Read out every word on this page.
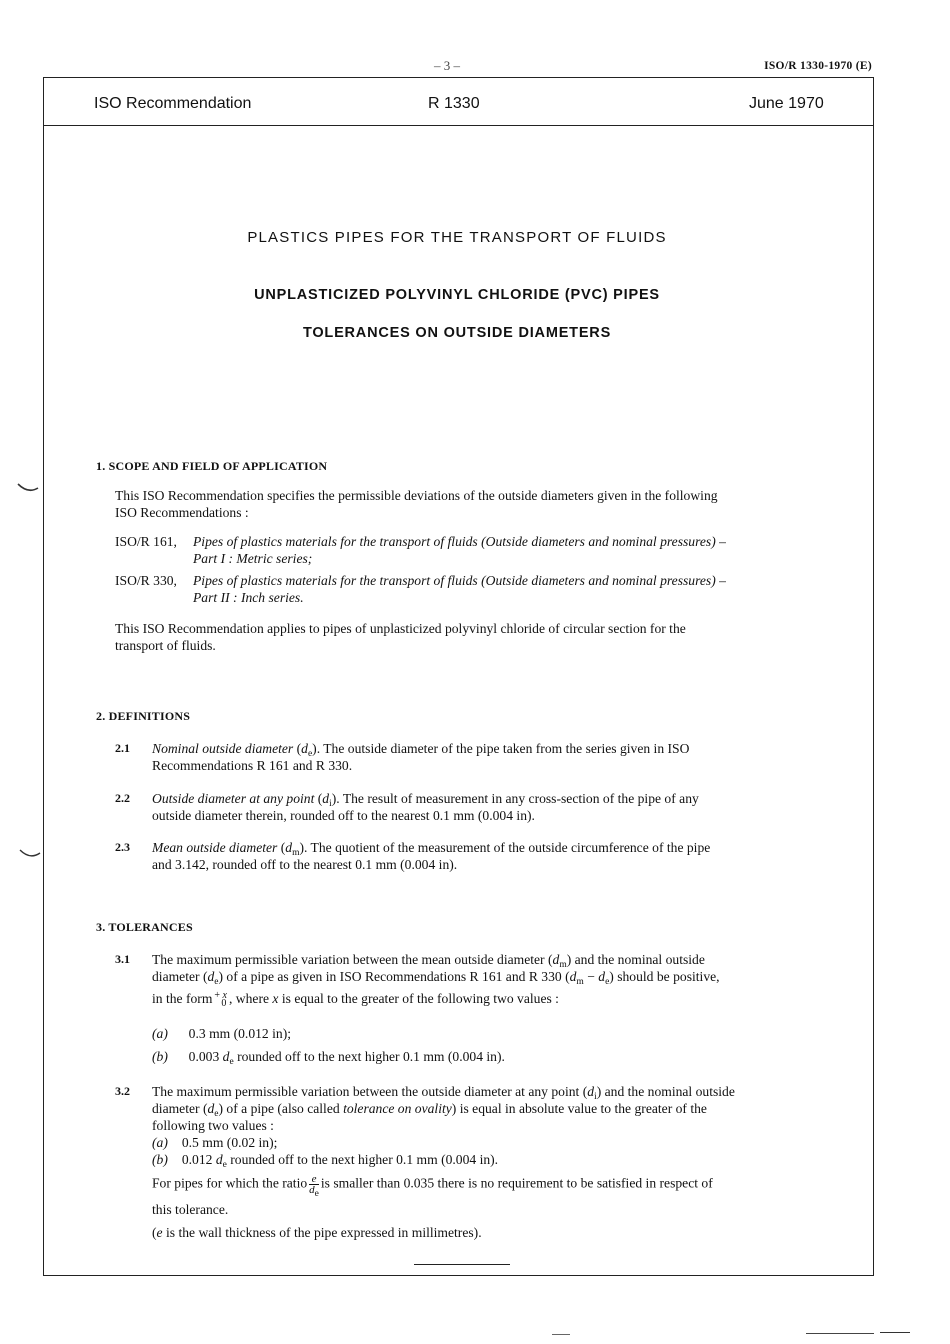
– 3 –	ISO/R 1330-1970 (E)
ISO Recommendation	R 1330	June 1970
PLASTICS PIPES FOR THE TRANSPORT OF FLUIDS
UNPLASTICIZED POLYVINYL CHLORIDE (PVC) PIPES
TOLERANCES ON OUTSIDE DIAMETERS
1. SCOPE AND FIELD OF APPLICATION
This ISO Recommendation specifies the permissible deviations of the outside diameters given in the following
ISO Recommendations :
ISO/R 161, Pipes of plastics materials for the transport of fluids (Outside diameters and nominal pressures) –
Part I : Metric series;
ISO/R 330, Pipes of plastics materials for the transport of fluids (Outside diameters and nominal pressures) –
Part II : Inch series.
This ISO Recommendation applies to pipes of unplasticized polyvinyl chloride of circular section for the
transport of fluids.
2. DEFINITIONS
2.1 Nominal outside diameter $(d_e)$. The outside diameter of the pipe taken from the series given in ISO
Recommendations R 161 and R 330.
2.2 Outside diameter at any point $(d_i)$. The result of measurement in any cross-section of the pipe of any
outside diameter therein, rounded off to the nearest 0.1 mm (0.004 in).
2.3 Mean outside diameter $(d_m)$. The quotient of the measurement of the outside circumference of the pipe
and 3.142, rounded off to the nearest 0.1 mm (0.004 in).
3. TOLERANCES
3.1 The maximum permissible variation between the mean outside diameter $(d_m)$ and the nominal outside
diameter $(d_e)$ of a pipe as given in ISO Recommendations R 161 and R 330 $(d_m - d_e)$ should be positive,
in the form + x
0 , where x is equal to the greater of the following two values :
(a) 0.3 mm (0.012 in);
(b) 0.003 $d_e$ rounded off to the next higher 0.1 mm (0.004 in).
3.2 The maximum permissible variation between the outside diameter at any point $(d_i)$ and the nominal outside
diameter $(d_e)$ of a pipe (also called tolerance on ovality) is equal in absolute value to the greater of the
following two values :
(a) 0.5 mm (0.02 in);
(b) 0.012 $d_e$ rounded off to the next higher 0.1 mm (0.004 in).
For pipes for which the ratio $\frac{e}{d_e}$ is smaller than 0.035 there is no requirement to be satisfied in respect of
this tolerance.
(e is the wall thickness of the pipe expressed in millimetres).
